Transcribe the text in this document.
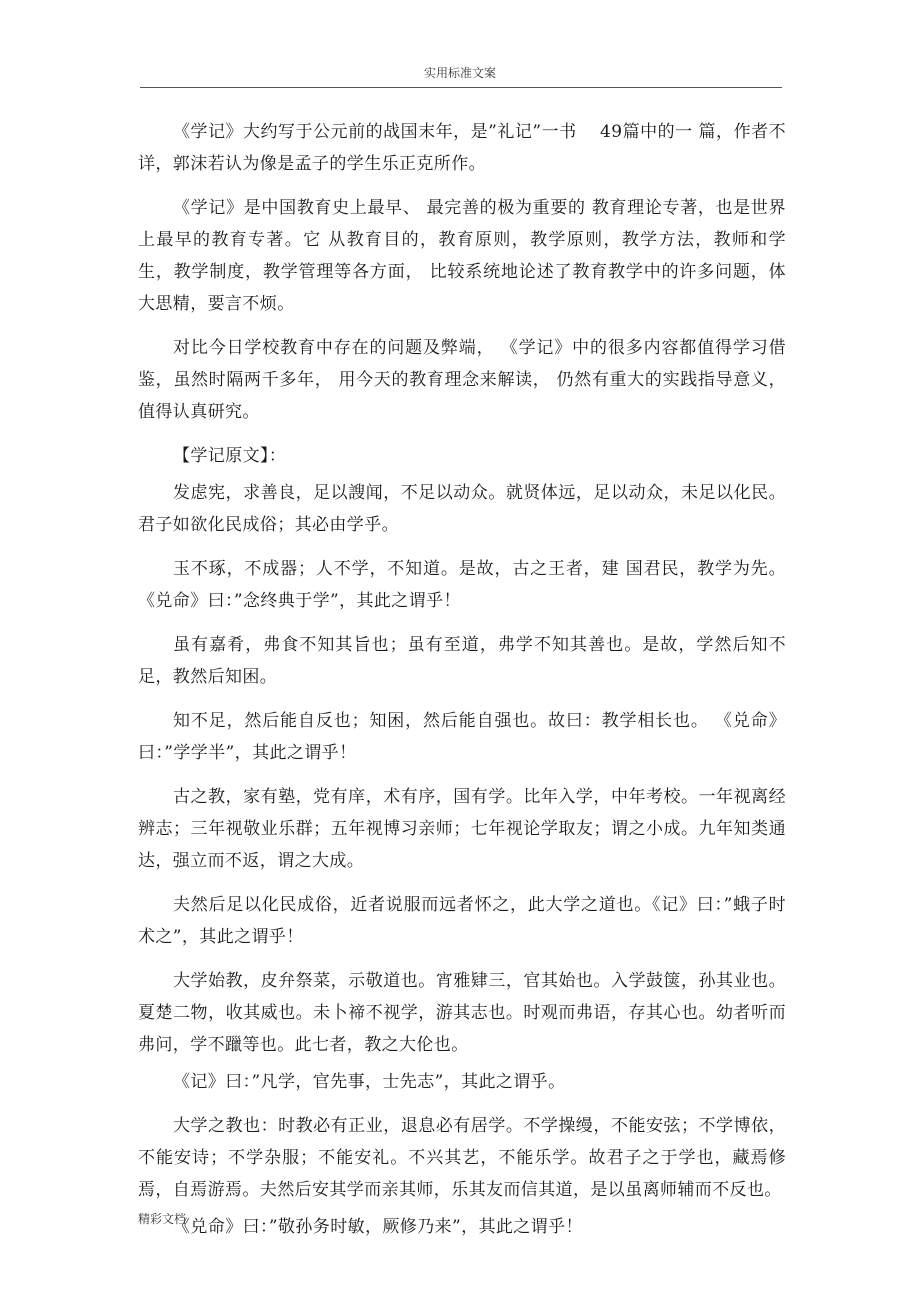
实用标准文案

《学记》大约写于公元前的战国末年，是”礼记”一书　 49篇中的一 篇，作者不详，郭沫若认为像是孟子的学生乐正克所作。

《学记》是中国教育史上最早、 最完善的极为重要的 教育理论专著，也是世界上最早的教育专著。它 从教育目的，教育原则，教学原则，教学方法，教师和学生，教学制度，教学管理等各方面， 比较系统地论述了教育教学中的许多问题，体大思精，要言不烦。

对比今日学校教育中存在的问题及弊端， 《学记》中的很多内容都值得学习借鉴，虽然时隔两千多年， 用今天的教育理念来解读， 仍然有重大的实践指导意义，值得认真研究。

【学记原文】：

发虑宪，求善良，足以謏闻，不足以动众。就贤体远，足以动众，未足以化民。君子如欲化民成俗；其必由学乎。

玉不琢，不成器；人不学，不知道。是故，古之王者，建 国君民，教学为先。《兑命》曰：”念终典于学”，其此之谓乎！

虽有嘉肴，弗食不知其旨也；虽有至道，弗学不知其善也。是故，学然后知不足，教然后知困。

知不足，然后能自反也；知困，然后能自强也。故曰：教学相长也。 《兑命》曰：”学学半”，其此之谓乎！

古之教，家有塾，党有庠，术有序，国有学。比年入学，中年考校。一年视离经辨志；三年视敬业乐群；五年视博习亲师；七年视论学取友；谓之小成。九年知类通达，强立而不返，谓之大成。

夫然后足以化民成俗，近者说服而远者怀之，此大学之道也。《记》曰：”蛾子时术之”，其此之谓乎！

大学始教，皮弁祭菜，示敬道也。宵雅肄三，官其始也。入学鼓箧，孙其业也。夏楚二物，收其威也。未卜禘不视学，游其志也。时观而弗语，存其心也。幼者听而弗问，学不躐等也。此七者，教之大伦也。

《记》曰：”凡学，官先事，士先志”，其此之谓乎。

大学之教也：时教必有正业，退息必有居学。不学操缦，不能安弦；不学博依，不能安诗；不学杂服；不能安礼。不兴其艺，不能乐学。故君子之于学也，藏焉修焉，自焉游焉。夫然后安其学而亲其师，乐其友而信其道，是以虽离师辅而不反也。

《兑命》曰：”敬孙务时敏，厥修乃来”，其此之谓乎！

精彩文档
